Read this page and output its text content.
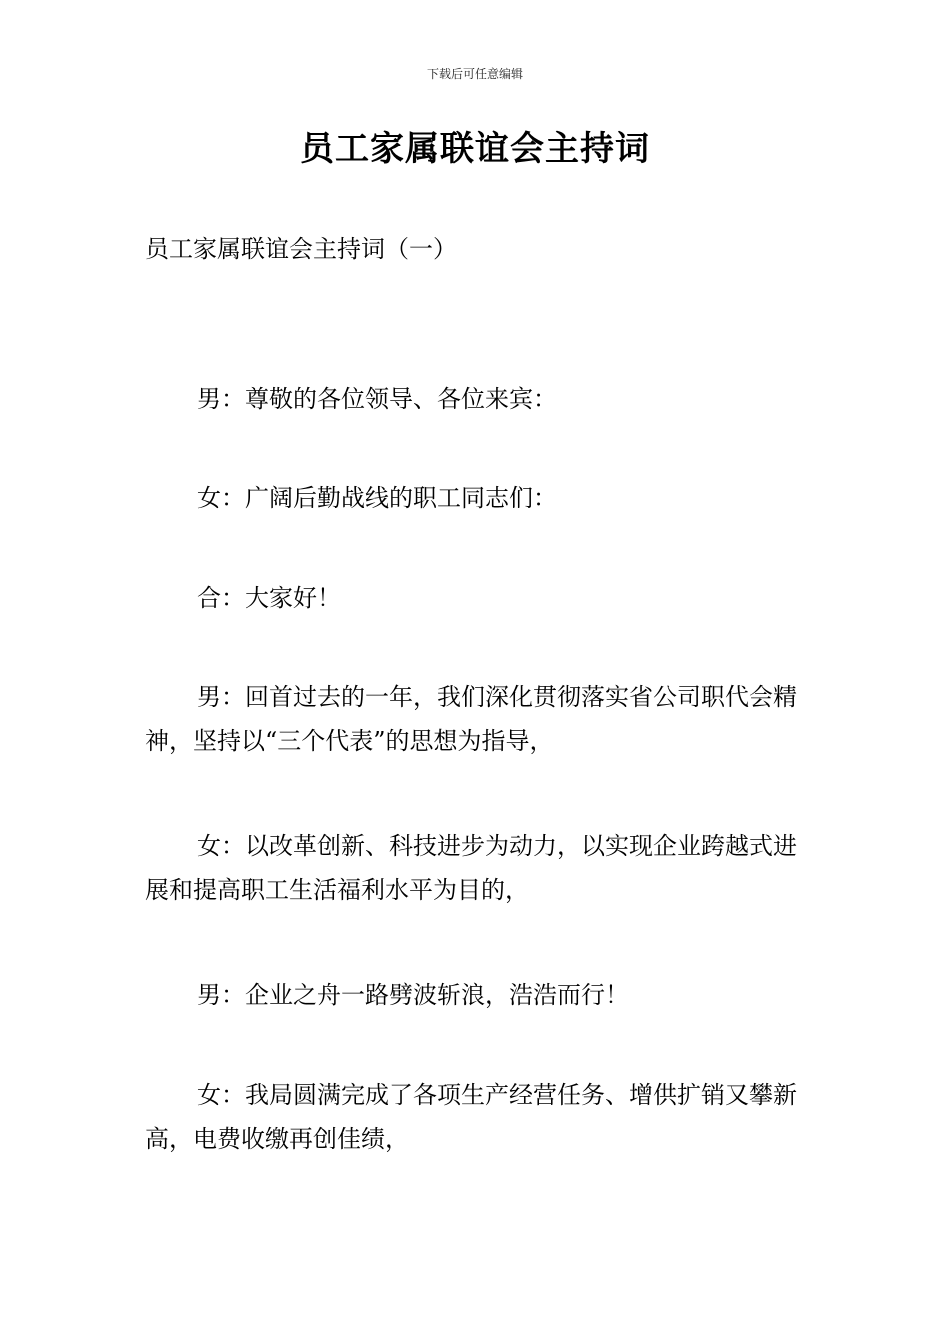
下载后可任意编辑
员工家属联谊会主持词
员工家属联谊会主持词（一）

男：尊敬的各位领导、各位来宾：

女：广阔后勤战线的职工同志们：

合：大家好！

男：回首过去的一年，我们深化贯彻落实省公司职代会精神，坚持以“三个代表”的思想为指导，

女：以改革创新、科技进步为动力，以实现企业跨越式进展和提高职工生活福利水平为目的，

男：企业之舟一路劈波斩浪，浩浩而行！

女：我局圆满完成了各项生产经营任务、增供扩销又攀新高，电费收缴再创佳绩，
